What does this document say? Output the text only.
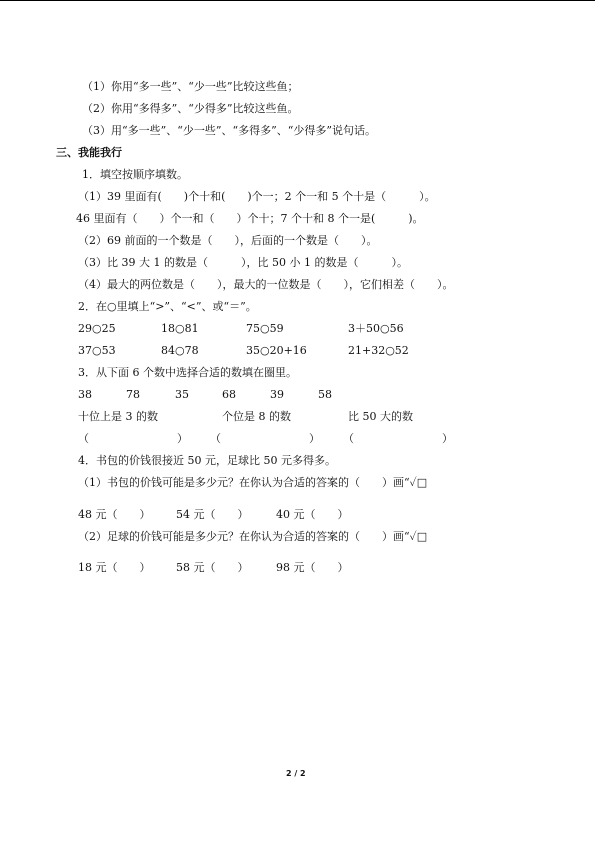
（1）你用“多一些”、“少一些”比较这些鱼；
（2）你用“多得多”、“少得多”比较这些鱼。
（3）用“多一些”、“少一些”、“多得多”、“少得多”说句话。
三、我能我行
1．填空按顺序填数。
（1）39 里面有(　　)个十和(　　)个一；2 个一和 5 个十是（　　　）。
46 里面有（　　）个一和（　　）个十；7 个十和 8 个一是(　　　)。
（2）69 前面的一个数是（　　），后面的一个数是（　　）。
（3）比 39 大 1 的数是（　　　），比 50 小 1 的数是（　　　）。
（4）最大的两位数是（　　），最大的一位数是（　　），它们相差（　　）。
2．在○里填上“>”、“<”、或“＝”。
29○25	18○81	75○59	3＋50○56
37○53	84○78	35○20+16	21+32○52
3．从下面 6 个数中选择合适的数填在圈里。
38	78	35	68	39	58
十位上是 3 的数	个位是 8 的数	比 50 大的数
（　　　　　　　　） （　　　　　　　　） （　　　　　　　　）
4．书包的价钱很接近 50 元，足球比 50 元多得多。
（1）书包的价钱可能是多少元？在你认为合适的答案的（　　）画“✓□
48 元（　　） 54 元（　　）	40 元（　　）
（2）足球的价钱可能是多少元？在你认为合适的答案的（　　）画“✓□
18 元（　　） 58 元（　　）	98 元（　　）
2 / 2
